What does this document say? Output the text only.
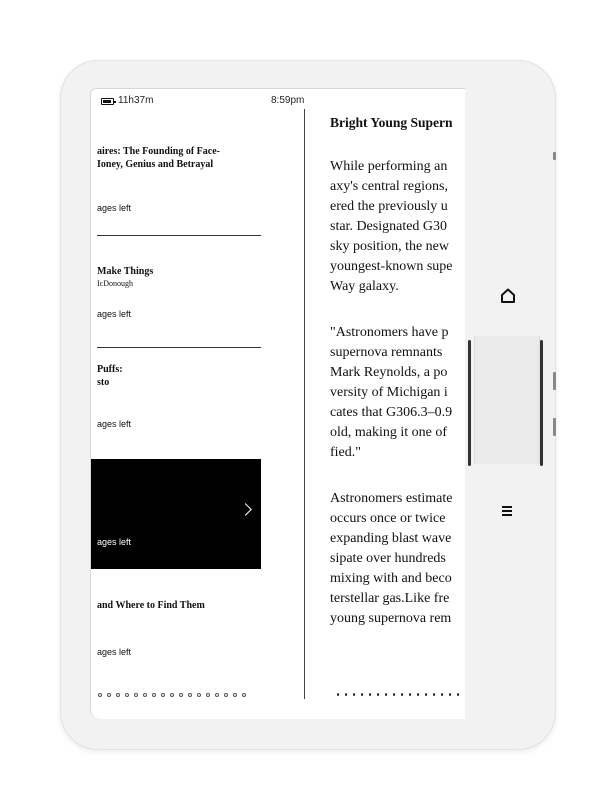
11h37m	8:59pm
aires: The Founding of Face-
Ioney, Genius and Betrayal
ages left
Make Things
IcDonough
ages left
Puffs:
sto
ages left
ages left
and Where to Find Them
ages left
Bright Young Supern
While performing an
axy's central regions,
ered the previously u
star. Designated G30
sky position, the new
youngest-known supe
Way galaxy.
"Astronomers have p
supernova remnants
Mark Reynolds, a po
versity of Michigan i
cates that G306.3–0.9
old, making it one of
fied."
Astronomers estimate
occurs once or twice
expanding blast wave
sipate over hundreds
mixing with and beco
terstellar gas.Like fre
young supernova rem
